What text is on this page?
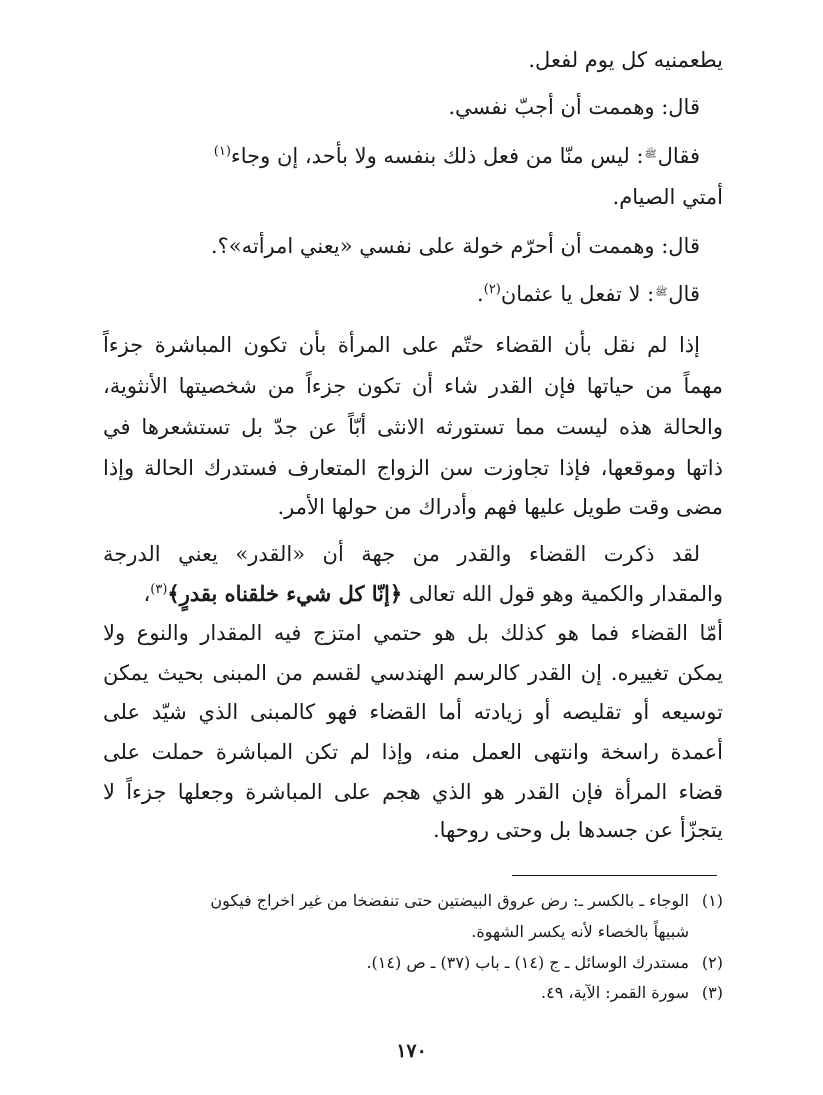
يطعمنيه كل يوم لفعل.
قال: وهممت أن أجبّ نفسي.
فقالﷺ: ليس منّا من فعل ذلك بنفسه ولا بأحد، إن وجاء$^{(١)}$
أمتي الصيام.
قال: وهممت أن أحرّم خولة على نفسي «يعني امرأته»؟.
قالﷺ: لا تفعل يا عثمان$^{(٢)}$.
إذا لم نقل بأن القضاء حتّم على المرأة بأن تكون المباشرة جزءاً
مهماً من حياتها فإن القدر شاء أن تكون جزءاً من شخصيتها الأنثوية،
والحالة هذه ليست مما تستورثه الانثى أبّاً عن جدّ بل تستشعرها في
ذاتها وموقعها، فإذا تجاوزت سن الزواج المتعارف فستدرك الحالة وإذا
مضى وقت طويل عليها فهم وأدراك من حولها الأمر.
لقد ذكرت القضاء والقدر من جهة أن «القدر» يعني الدرجة
والمقدار والكمية وهو قول الله تعالى ﴿إنّا كل شيء خلقناه بقدرٍ﴾$^{(٣)}$،
أمّا القضاء فما هو كذلك بل هو حتمي امتزج فيه المقدار والنوع ولا
يمكن تغييره. إن القدر كالرسم الهندسي لقسم من المبنى بحيث يمكن
توسيعه أو تقليصه أو زيادته أما القضاء فهو كالمبنى الذي شيّد على
أعمدة راسخة وانتهى العمل منه، وإذا لم تكن المباشرة حملت على
قضاء المرأة فإن القدر هو الذي هجم على المباشرة وجعلها جزءاً لا
يتجزّأ عن جسدها بل وحتى روحها.
(١)الوجاء ـ بالكسر ـ: رض عروق البيضتين حتى تنفضخا من غير اخراج فيكون
شبيهاً بالخصاء لأنه يكسر الشهوة.
(٢)مستدرك الوسائل ـ ج (١٤) ـ باب (٣٧) ـ ص (١٤).
(٣)سورة القمر: الآية، ٤٩.
١٧٠
